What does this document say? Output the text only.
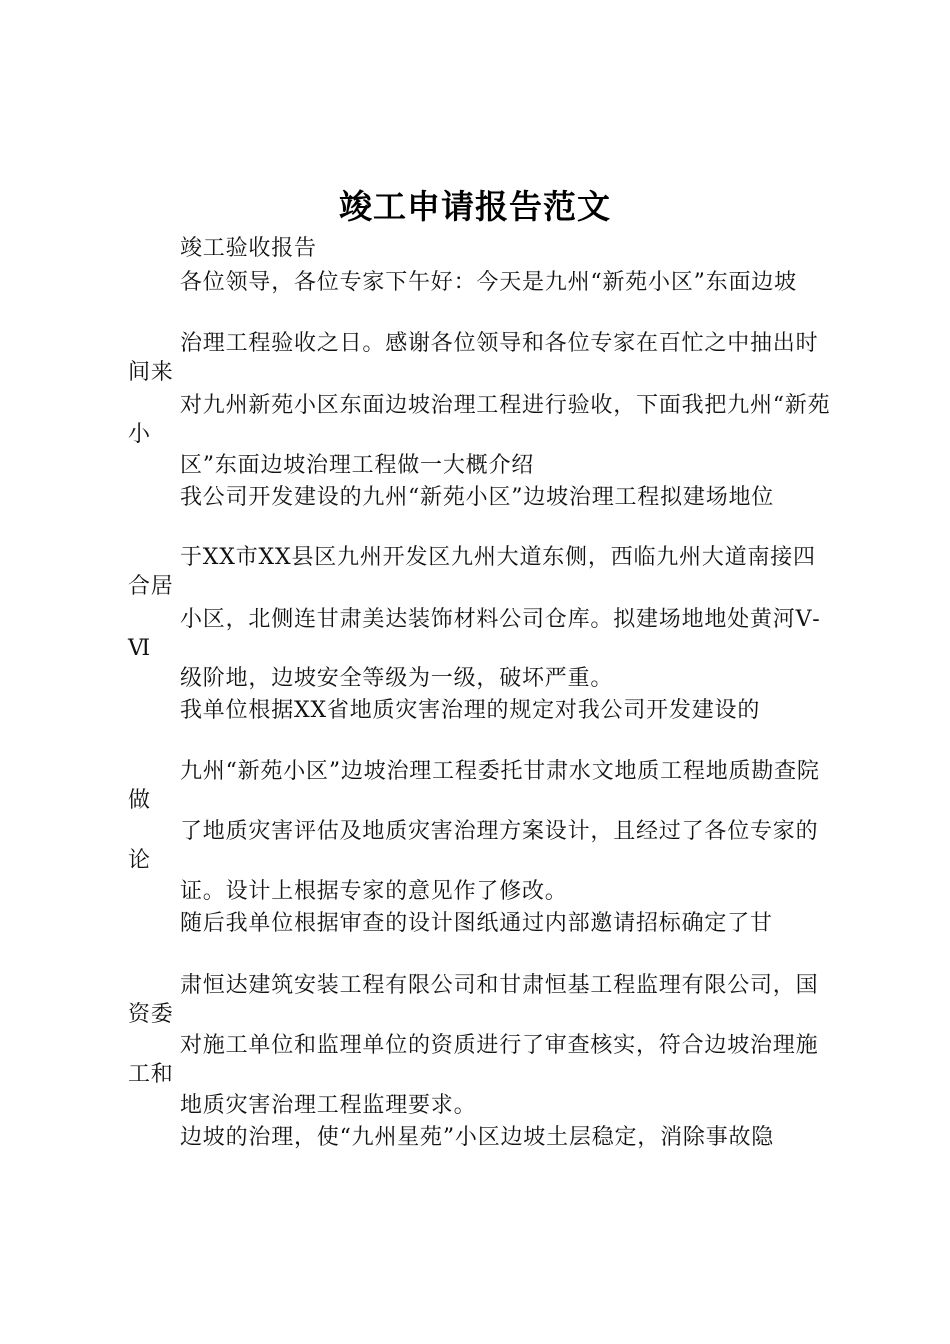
竣工申请报告范文
竣工验收报告
各位领导，各位专家下午好：今天是九州“新苑小区”东面边坡
治理工程验收之日。感谢各位领导和各位专家在百忙之中抽出时间来
对九州新苑小区东面边坡治理工程进行验收，下面我把九州“新苑小
区”东面边坡治理工程做一大概介绍
我公司开发建设的九州“新苑小区”边坡治理工程拟建场地位
于XX市XX县区九州开发区九州大道东侧，西临九州大道南接四合居
小区，北侧连甘肃美达装饰材料公司仓库。拟建场地地处黄河Ⅴ-Ⅵ
级阶地，边坡安全等级为一级，破坏严重。
我单位根据XX省地质灾害治理的规定对我公司开发建设的
九州“新苑小区”边坡治理工程委托甘肃水文地质工程地质勘查院做
了地质灾害评估及地质灾害治理方案设计，且经过了各位专家的论
证。设计上根据专家的意见作了修改。
随后我单位根据审查的设计图纸通过内部邀请招标确定了甘
肃恒达建筑安装工程有限公司和甘肃恒基工程监理有限公司，国资委
对施工单位和监理单位的资质进行了审查核实，符合边坡治理施工和
地质灾害治理工程监理要求。
边坡的治理，使“九州星苑”小区边坡土层稳定，消除事故隐
